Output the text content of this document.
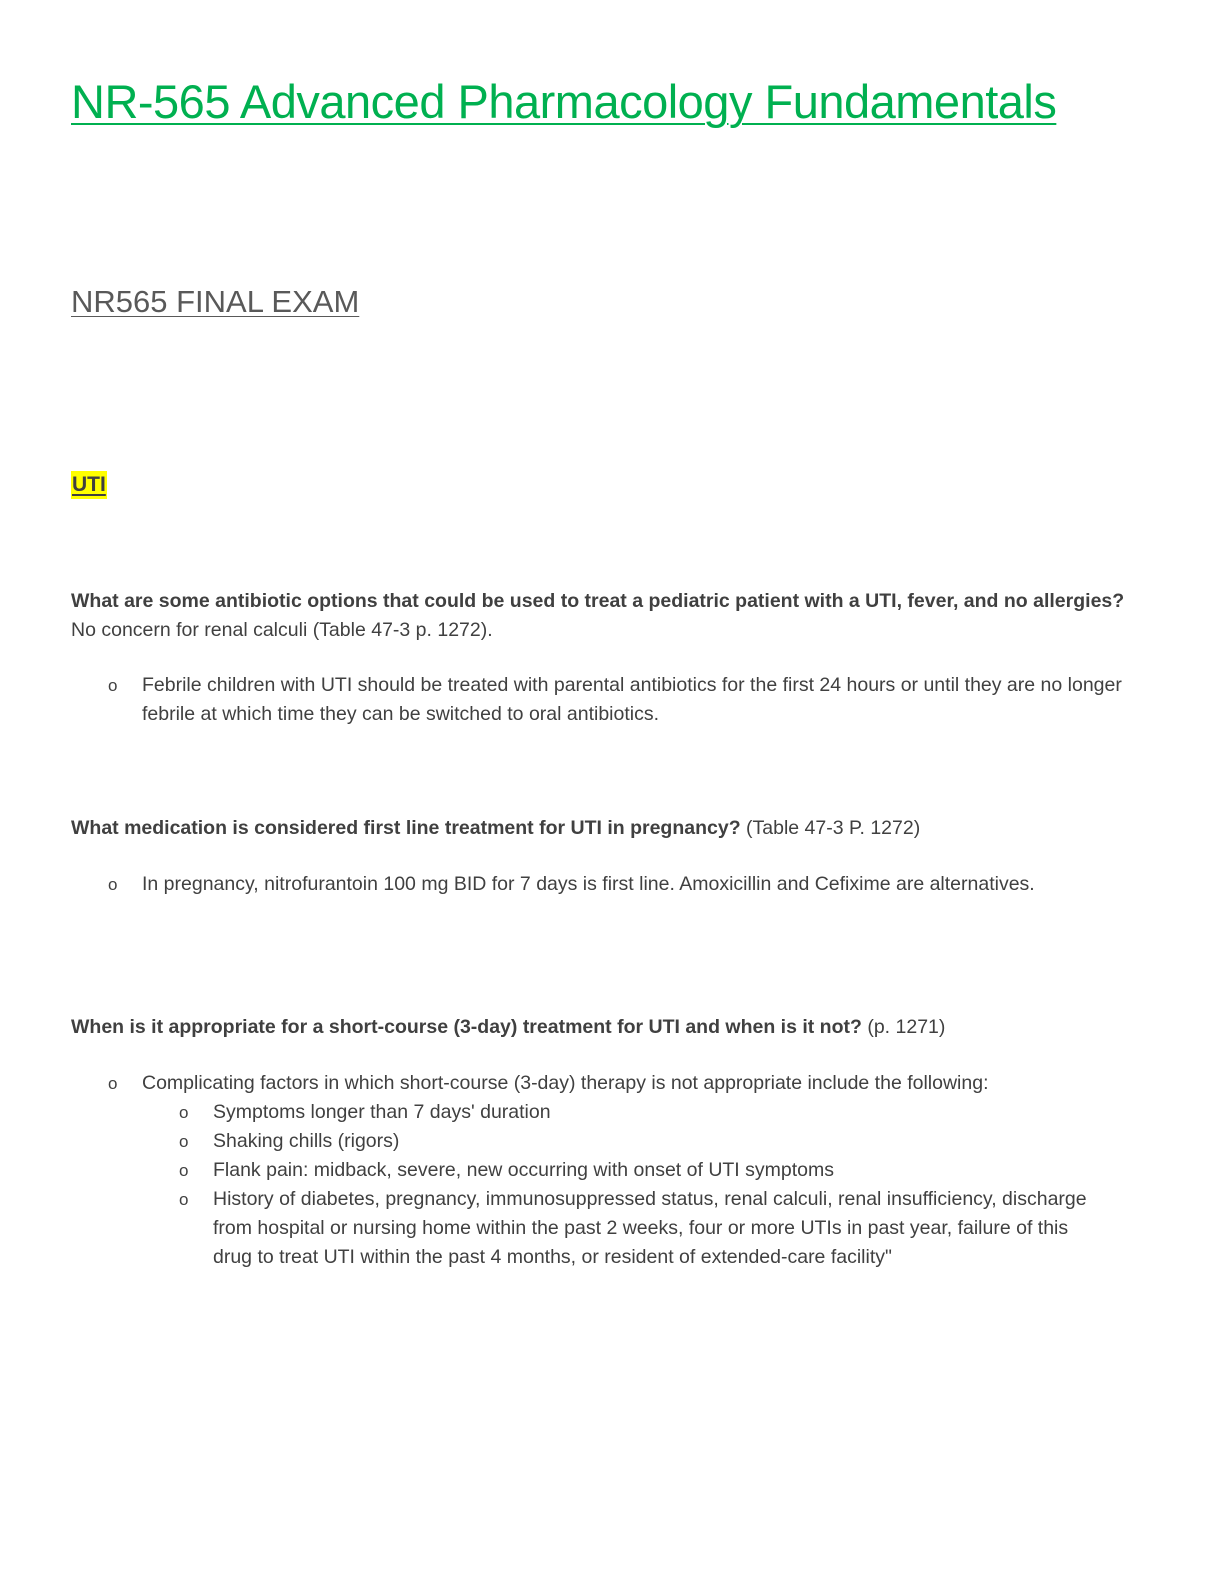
NR-565 Advanced Pharmacology Fundamentals
NR565 FINAL EXAM
UTI

What are some antibiotic options that could be used to treat a pediatric patient with a UTI, fever, and no allergies? No concern for renal calculi (Table 47-3 p. 1272).

o Febrile children with UTI should be treated with parental antibiotics for the first 24 hours or until they are no longer febrile at which time they can be switched to oral antibiotics.

What medication is considered first line treatment for UTI in pregnancy? (Table 47-3 P. 1272)

o In pregnancy, nitrofurantoin 100 mg BID for 7 days is first line. Amoxicillin and Cefixime are alternatives.

When is it appropriate for a short-course (3-day) treatment for UTI and when is it not? (p. 1271)

o Complicating factors in which short-course (3-day) therapy is not appropriate include the following:
o Symptoms longer than 7 days' duration
o Shaking chills (rigors)
o Flank pain: midback, severe, new occurring with onset of UTI symptoms
o History of diabetes, pregnancy, immunosuppressed status, renal calculi, renal insufficiency, discharge from hospital or nursing home within the past 2 weeks, four or more UTIs in past year, failure of this drug to treat UTI within the past 4 months, or resident of extended-care facility"
